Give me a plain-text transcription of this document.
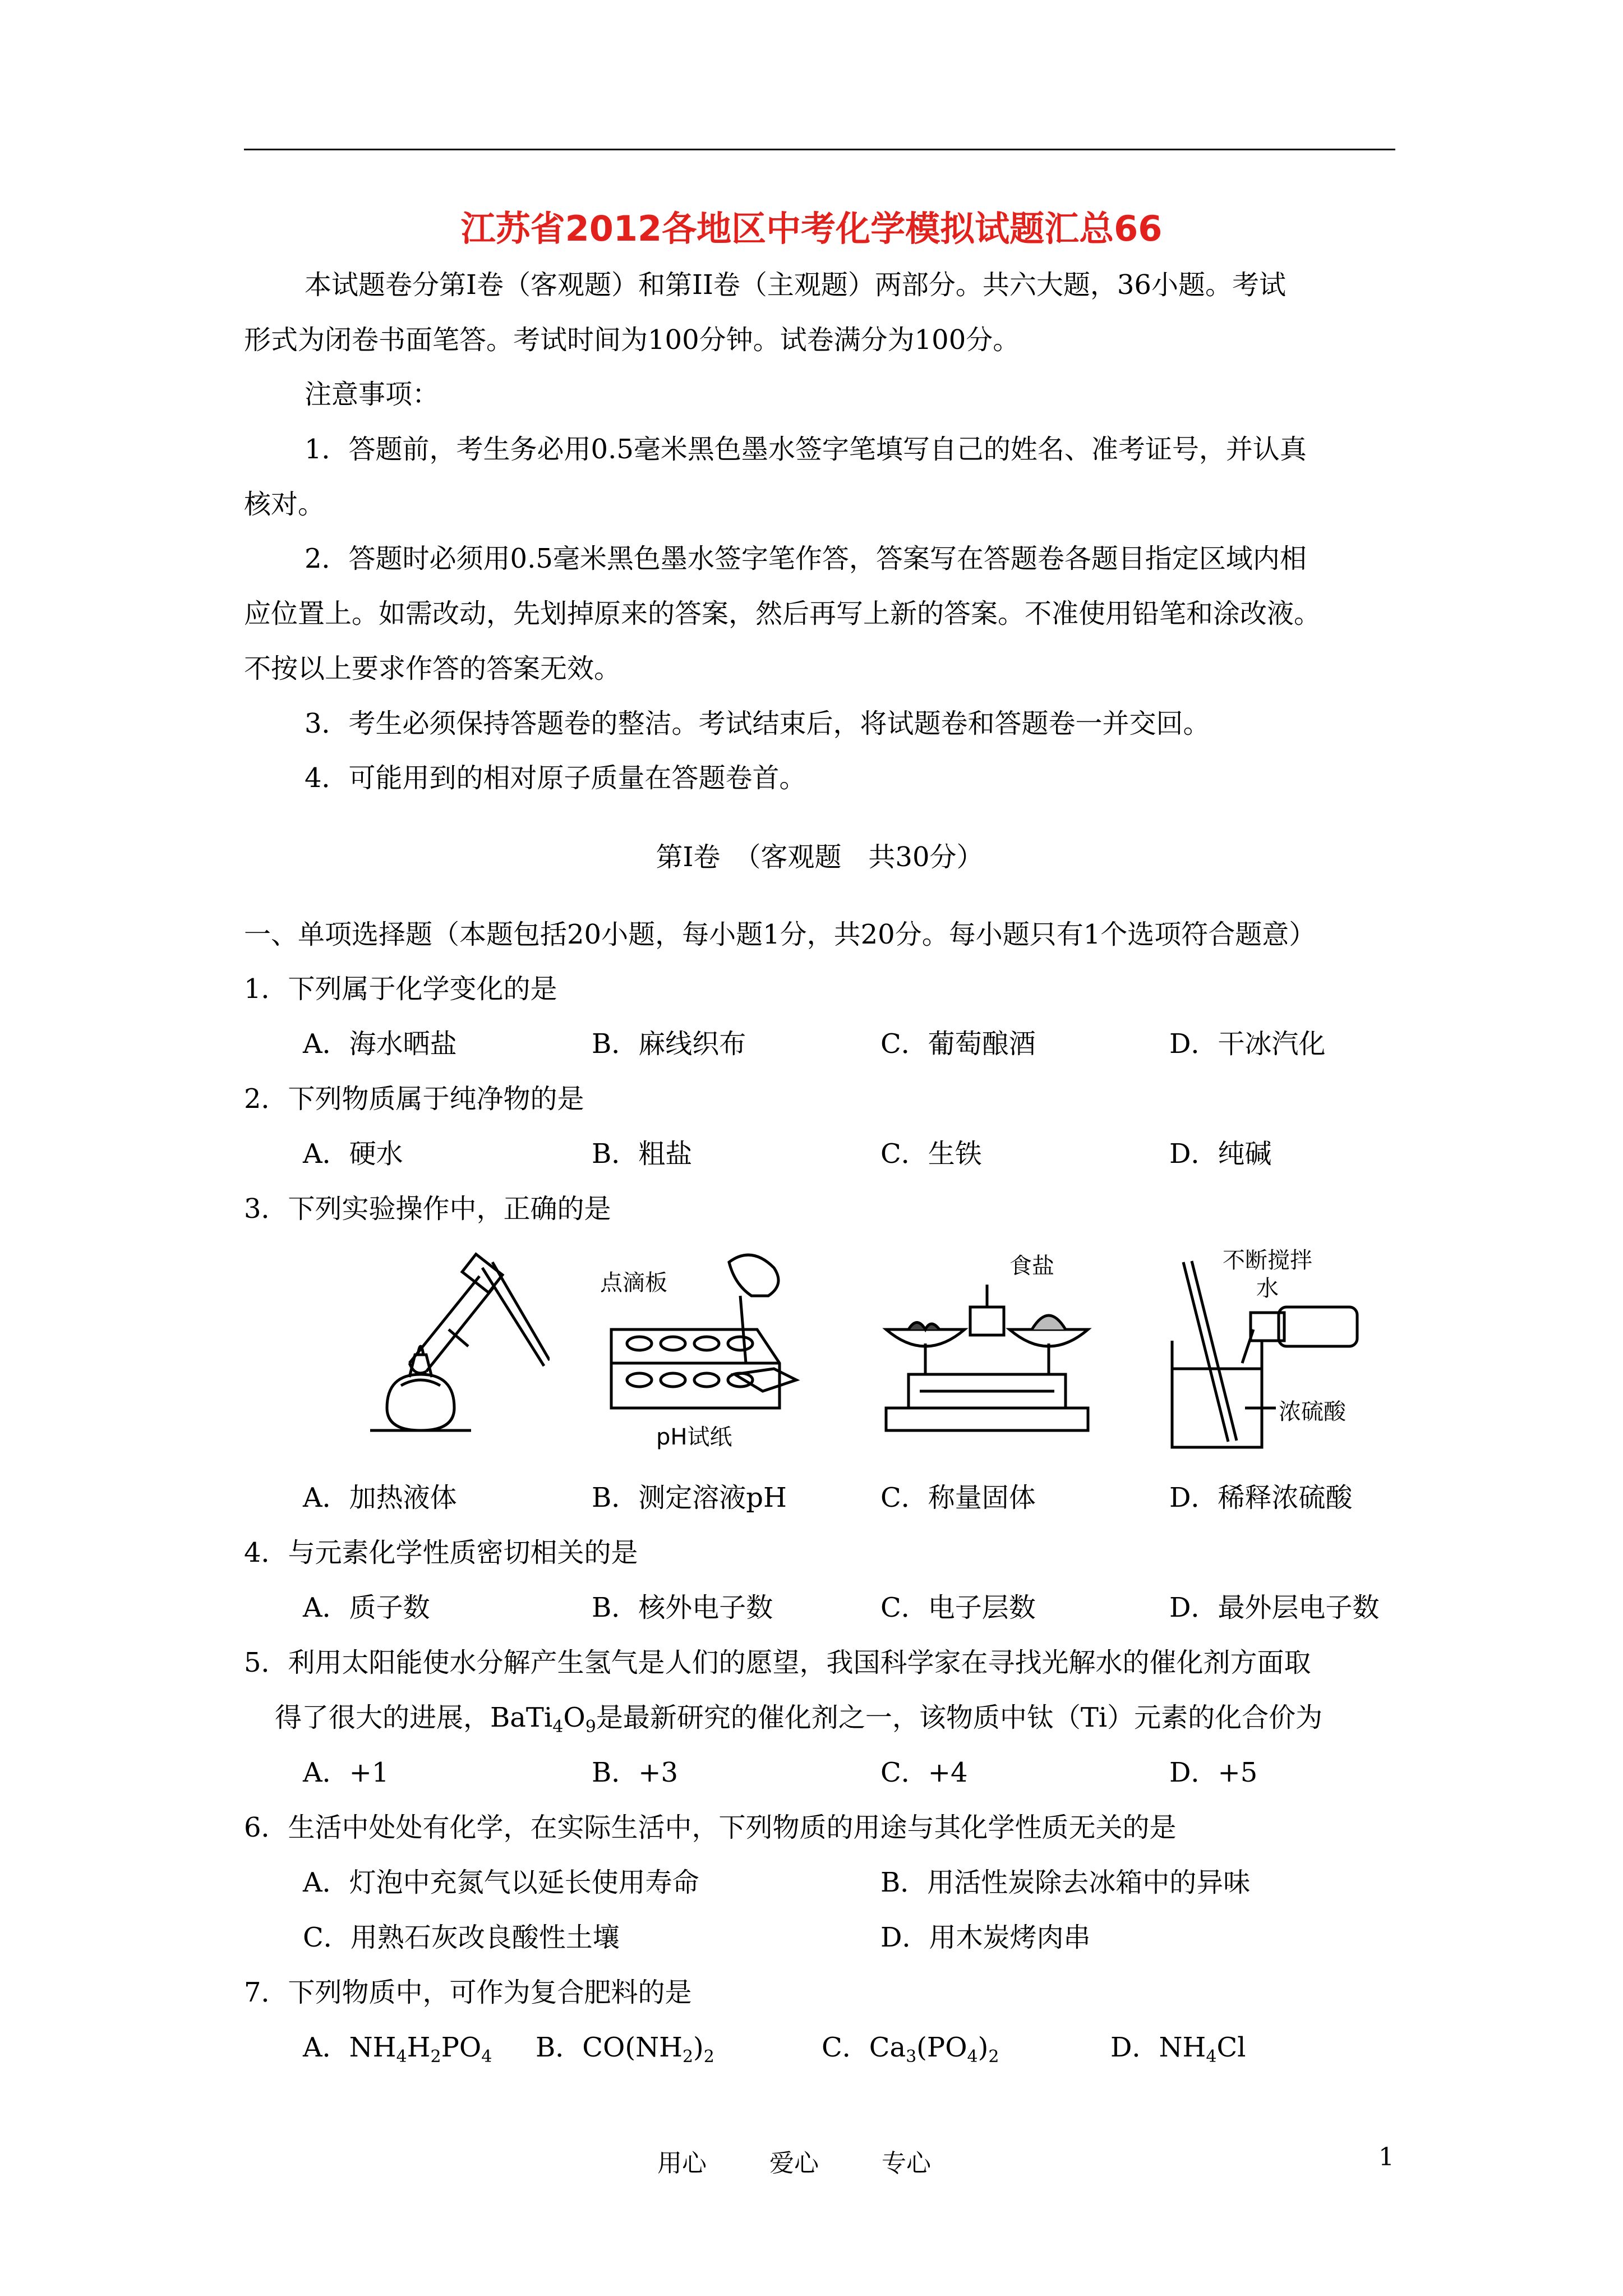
江苏省2012各地区中考化学模拟试题汇总66
本试题卷分第Ⅰ卷（客观题）和第II卷（主观题）两部分。共六大题，36小题。考试
形式为闭卷书面笔答。考试时间为100分钟。试卷满分为100分。
注意事项：
1．答题前，考生务必用0.5毫米黑色墨水签字笔填写自己的姓名、准考证号，并认真
核对。
2．答题时必须用0.5毫米黑色墨水签字笔作答，答案写在答题卷各题目指定区域内相
应位置上。如需改动，先划掉原来的答案，然后再写上新的答案。不准使用铅笔和涂改液。
不按以上要求作答的答案无效。
3．考生必须保持答题卷的整洁。考试结束后，将试题卷和答题卷一并交回。
4．可能用到的相对原子质量在答题卷首。
第Ⅰ卷　（客观题　共30分）
一、单项选择题（本题包括20小题，每小题1分，共20分。每小题只有1个选项符合题意）
1．下列属于化学变化的是
A．海水晒盐	B．麻线织布	C．葡萄酿酒	D．干冰汽化
2．下列物质属于纯净物的是
A．硬水	B．粗盐	C．生铁	D．纯碱
3．下列实验操作中，正确的是
点滴板
pH试纸
食盐	不断搅拌
水
浓硫酸
A．加热液体	B．测定溶液pH	C．称量固体	D．稀释浓硫酸
4．与元素化学性质密切相关的是
A．质子数	B．核外电子数	C．电子层数	D．最外层电子数
5．利用太阳能使水分解产生氢气是人们的愿望，我国科学家在寻找光解水的催化剂方面取
得了很大的进展，$BaTi_4O_9$是最新研究的催化剂之一，该物质中钛（Ti）元素的化合价为
A．+1	B．+3	C．+4	D．+5
6．生活中处处有化学，在实际生活中，下列物质的用途与其化学性质无关的是
A．灯泡中充氮气以延长使用寿命	B．用活性炭除去冰箱中的异味
C．用熟石灰改良酸性土壤	D．用木炭烤肉串
7．下列物质中，可作为复合肥料的是
A．$NH_4H_2PO_4$ B．$CO(NH_2)_2$	C．$Ca_3(PO_4)_2$	D．$NH_4Cl$
用心	爱心	专心	1
